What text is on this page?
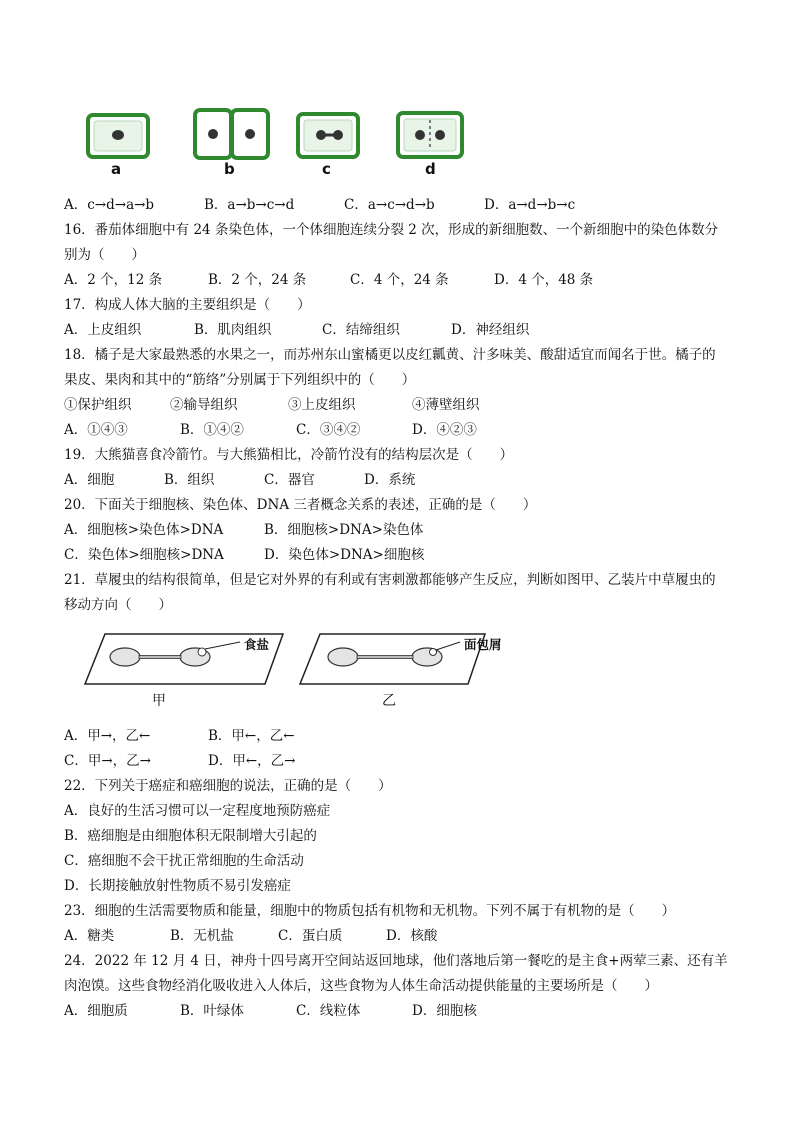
a	b	c	d
A．c→d→a→b	B．a→b→c→d	C．a→c→d→b	D．a→d→b→c
16．番茄体细胞中有 24 条染色体，一个体细胞连续分裂 2 次，形成的新细胞数、一个新细胞中的染色体数分
别为（　　）
A．2 个，12 条	B．2 个，24 条	C．4 个，24 条	D．4 个，48 条
17．构成人体大脑的主要组织是（　　）
A．上皮组织	B．肌肉组织	C．结缔组织	D．神经组织
18．橘子是大家最熟悉的水果之一，而苏州东山蜜橘更以皮红瓤黄、汁多味美、酸甜适宜而闻名于世。橘子的
果皮、果肉和其中的“筋络”分别属于下列组织中的（　　）
①保护组织	②输导组织	③上皮组织	④薄壁组织
A．①④③	B．①④②	C．③④②	D．④②③
19．大熊猫喜食冷箭竹。与大熊猫相比，冷箭竹没有的结构层次是（　　）
A．细胞	B．组织	C．器官	D．系统
20．下面关于细胞核、染色体、DNA 三者概念关系的表述，正确的是（　　）
A．细胞核>染色体>DNA	B．细胞核>DNA>染色体
C．染色体>细胞核>DNA	D．染色体>DNA>细胞核
21．草履虫的结构很简单，但是它对外界的有利或有害刺激都能够产生反应，判断如图甲、乙装片中草履虫的
移动方向（　　）
食盐	面包屑
甲	乙
A．甲→，乙←	B．甲←，乙←
C．甲→，乙→	D．甲←，乙→
22．下列关于癌症和癌细胞的说法，正确的是（　　）
A．良好的生活习惯可以一定程度地预防癌症
B．癌细胞是由细胞体积无限制增大引起的
C．癌细胞不会干扰正常细胞的生命活动
D．长期接触放射性物质不易引发癌症
23．细胞的生活需要物质和能量，细胞中的物质包括有机物和无机物。下列不属于有机物的是（　　）
A．糖类	B．无机盐	C．蛋白质	D．核酸
24．2022 年 12 月 4 日，神舟十四号离开空间站返回地球，他们落地后第一餐吃的是主食+两荤三素、还有羊
肉泡馍。这些食物经消化吸收进入人体后，这些食物为人体生命活动提供能量的主要场所是（　　）
A．细胞质	B．叶绿体	C．线粒体	D．细胞核
